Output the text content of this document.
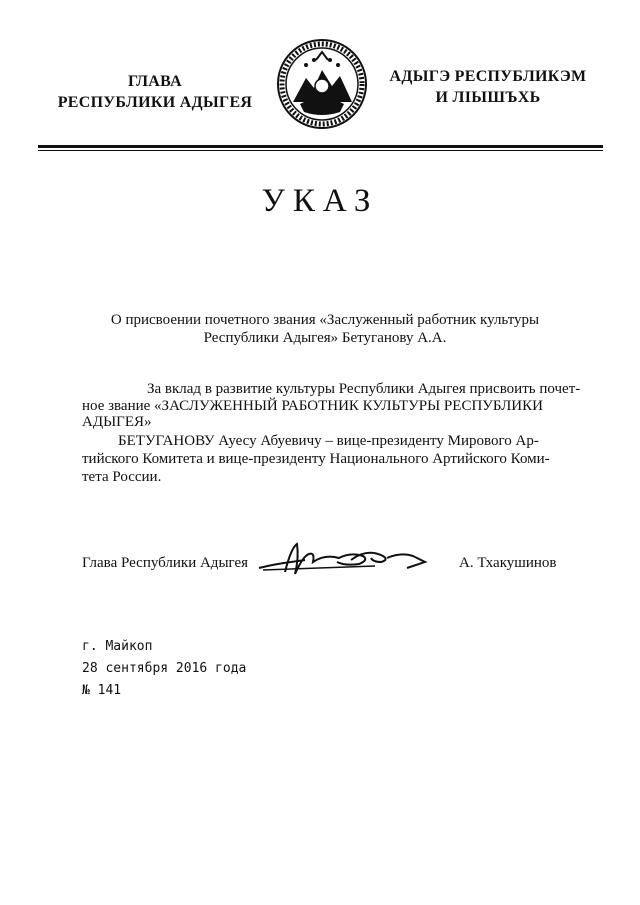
ГЛАВА
РЕСПУБЛИКИ АДЫГЕЯ
АДЫГЭ РЕСПУБЛИКЭМ
И ЛІЫШЪХЬ
УКАЗ
О присвоении почетного звания «Заслуженный работник культуры
Республики Адыгея» Бетуганову А.А.
За вклад в развитие культуры Республики Адыгея присвоить почет-
ное звание «ЗАСЛУЖЕННЫЙ РАБОТНИК КУЛЬТУРЫ РЕСПУБЛИКИ
АДЫГЕЯ»
БЕТУГАНОВУ Ауесу Абуевичу – вице-президенту Мирового Ар-
тийского Комитета и вице-президенту Национального Артийского Коми-
тета России.
Глава Республики Адыгея	А. Тхакушинов
г. Майкоп
28 сентября 2016 года
№ 141
